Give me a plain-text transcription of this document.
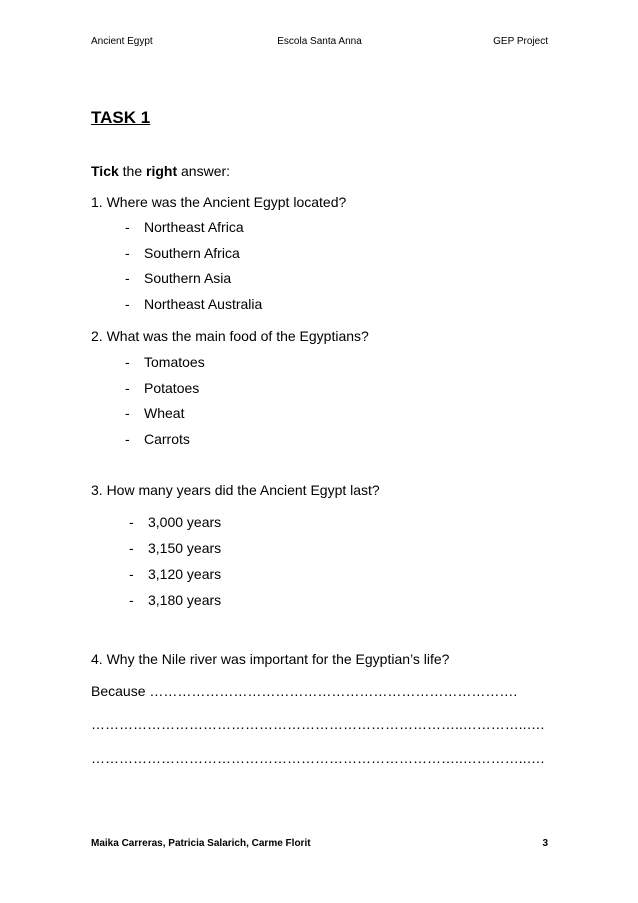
Ancient Egypt	Escola Santa Anna	GEP Project
TASK 1

Tick the right answer:

1. Where was the Ancient Egypt located?

- Northeast Africa
- Southern Africa
- Southern Asia
- Northeast Australia

2. What was the main food of the Egyptians?

- Tomatoes
- Potatoes
- Wheat
- Carrots

3. How many years did the Ancient Egypt last?

- 3,000 years
- 3,150 years
- 3,120 years
- 3,180 years

4. Why the Nile river was important for the Egyptian’s life?

Because …………………………………………………………………….
……………………………………………………………………..…………..….
……………………………………………………………………..…………..….
Maika Carreras, Patricia Salarich, Carme Florit	3
